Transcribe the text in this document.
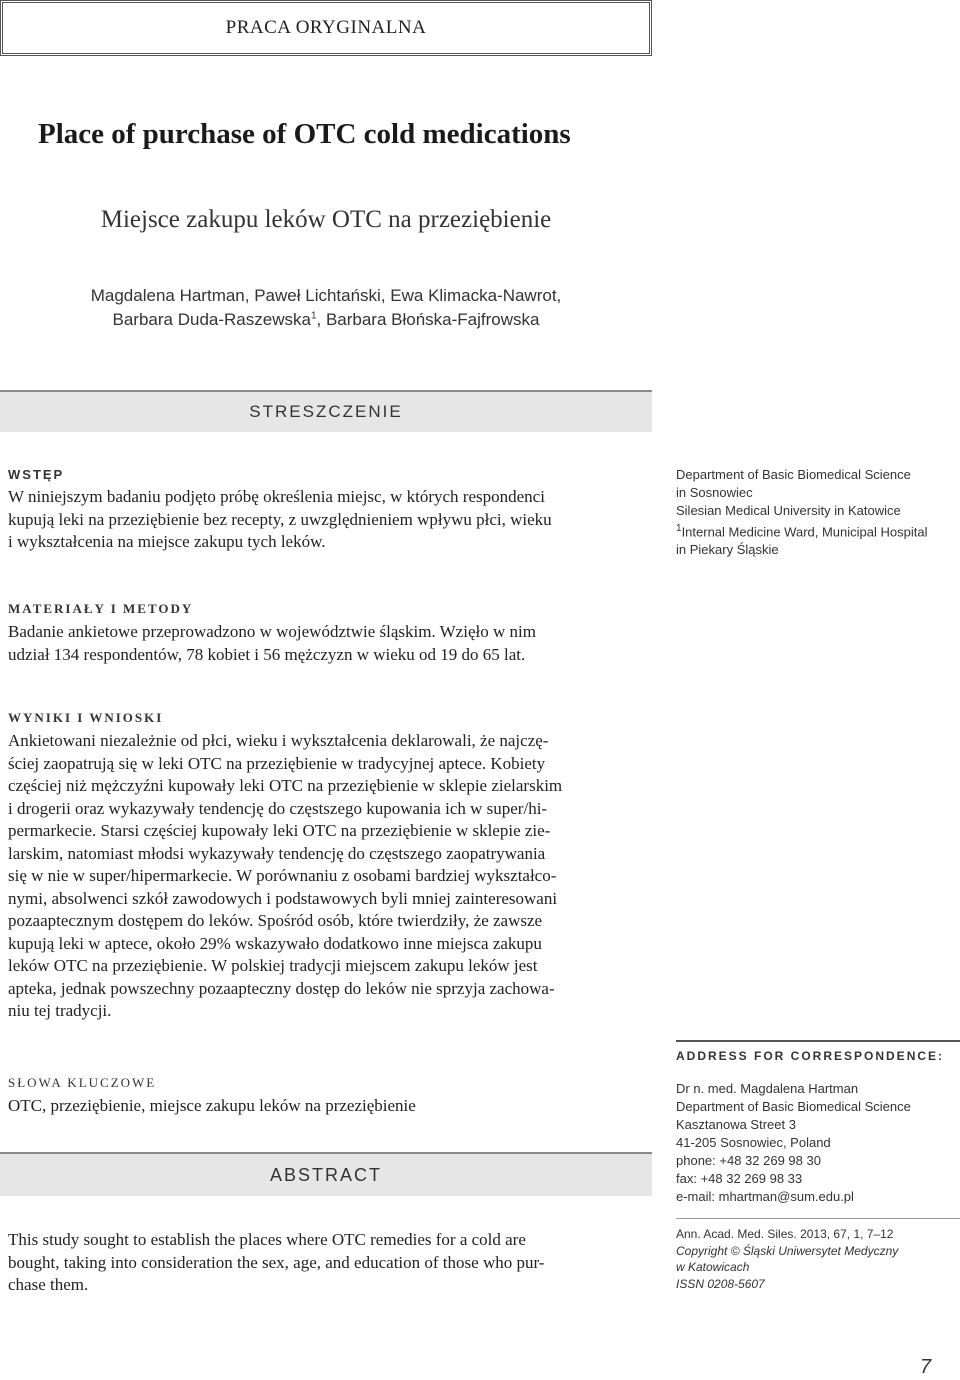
PRACA ORYGINALNA
Place of purchase of OTC cold medications
Miejsce zakupu leków OTC na przeziębienie
Magdalena Hartman, Paweł Lichtański, Ewa Klimacka-Nawrot,
Barbara Duda-Raszewska$^1$, Barbara Błońska-Fajfrowska
STRESZCZENIE
WSTĘP
W niniejszym badaniu podjęto próbę określenia miejsc, w których respondenci
kupują leki na przeziębienie bez recepty, z uwzględnieniem wpływu płci, wieku
i wykształcenia na miejsce zakupu tych leków.
Department of Basic Biomedical Science
in Sosnowiec
Silesian Medical University in Katowice
$^1$Internal Medicine Ward, Municipal Hospital
in Piekary Śląskie
MATERIAŁY I METODY
Badanie ankietowe przeprowadzono w województwie śląskim. Wzięło w nim
udział 134 respondentów, 78 kobiet i 56 mężczyzn w wieku od 19 do 65 lat.
WYNIKI I WNIOSKI
Ankietowani niezależnie od płci, wieku i wykształcenia deklarowali, że najczę-
ściej zaopatrują się w leki OTC na przeziębienie w tradycyjnej aptece. Kobiety
częściej niż mężczyźni kupowały leki OTC na przeziębienie w sklepie zielarskim
i drogerii oraz wykazywały tendencję do częstszego kupowania ich w super/hi-
permarkecie. Starsi częściej kupowały leki OTC na przeziębienie w sklepie zie-
larskim, natomiast młodsi wykazywały tendencję do częstszego zaopatrywania
się w nie w super/hipermarkecie. W porównaniu z osobami bardziej wykształco-
nymi, absolwenci szkół zawodowych i podstawowych byli mniej zainteresowani
pozaaptecznym dostępem do leków. Spośród osób, które twierdziły, że zawsze
kupują leki w aptece, około 29% wskazywało dodatkowo inne miejsca zakupu
leków OTC na przeziębienie. W polskiej tradycji miejscem zakupu leków jest
apteka, jednak powszechny pozaapteczny dostęp do leków nie sprzyja zachowa-
niu tej tradycji.
ADDRESS FOR CORRESPONDENCE:
Dr n. med. Magdalena Hartman
Department of Basic Biomedical Science
Kasztanowa Street 3
41-205 Sosnowiec, Poland
phone: +48 32 269 98 30
fax: +48 32 269 98 33
e-mail: mhartman@sum.edu.pl
SŁOWA KLUCZOWE
OTC, przeziębienie, miejsce zakupu leków na przeziębienie
ABSTRACT
This study sought to establish the places where OTC remedies for a cold are
bought, taking into consideration the sex, age, and education of those who pur-
chase them.
Ann. Acad. Med. Siles. 2013, 67, 1, 7–12
Copyright © Śląski Uniwersytet Medyczny
w Katowicach
ISSN 0208-5607
7
